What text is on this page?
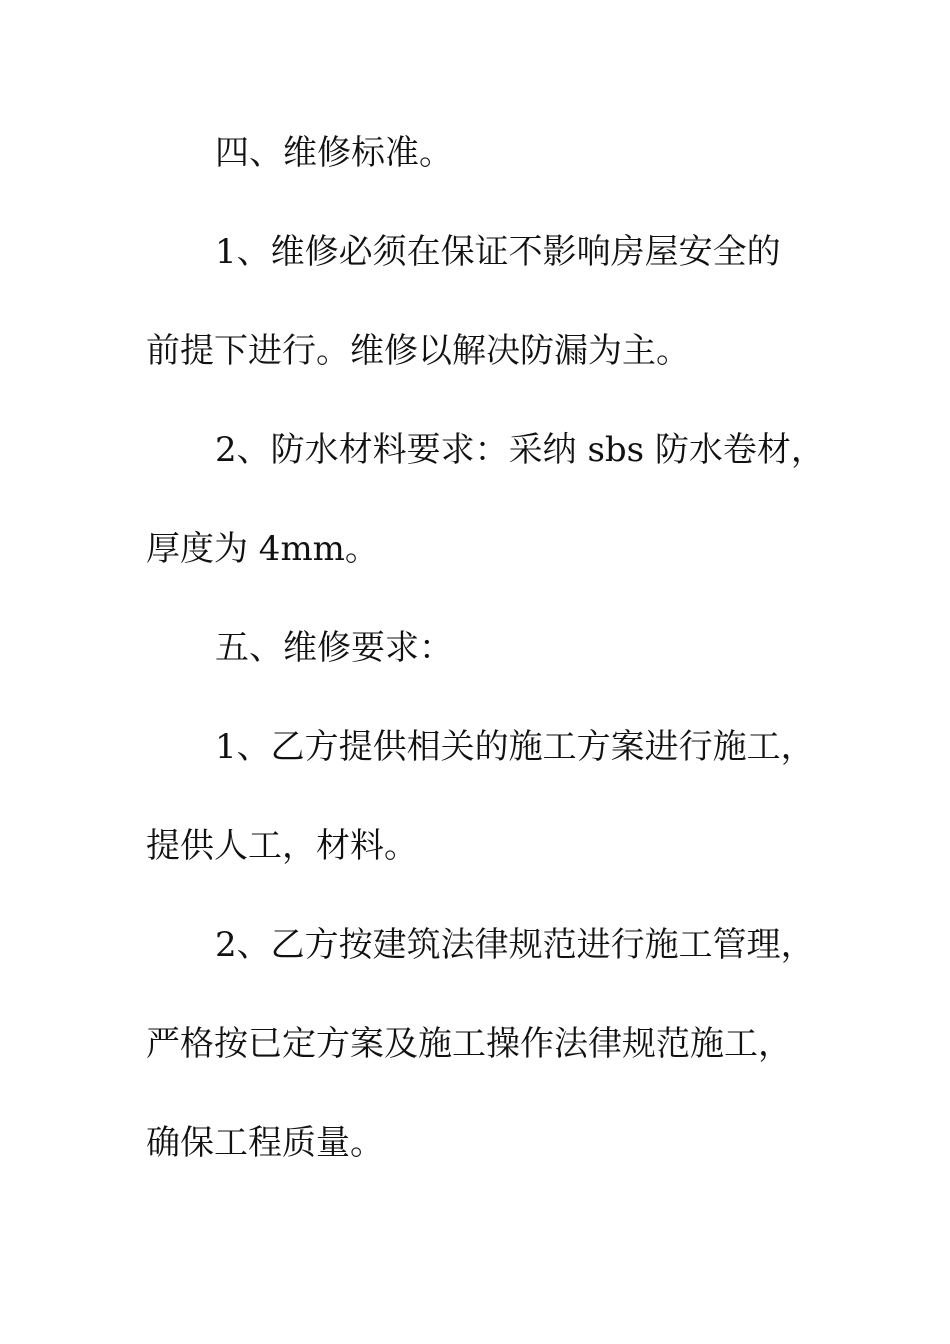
四、维修标准。
1、维修必须在保证不影响房屋安全的
前提下进行。维修以解决防漏为主。
2、防水材料要求：采纳 sbs 防水卷材，
厚度为 4mm。
五、维修要求：
1、乙方提供相关的施工方案进行施工，
提供人工，材料。
2、乙方按建筑法律规范进行施工管理，
严格按已定方案及施工操作法律规范施工，
确保工程质量。
